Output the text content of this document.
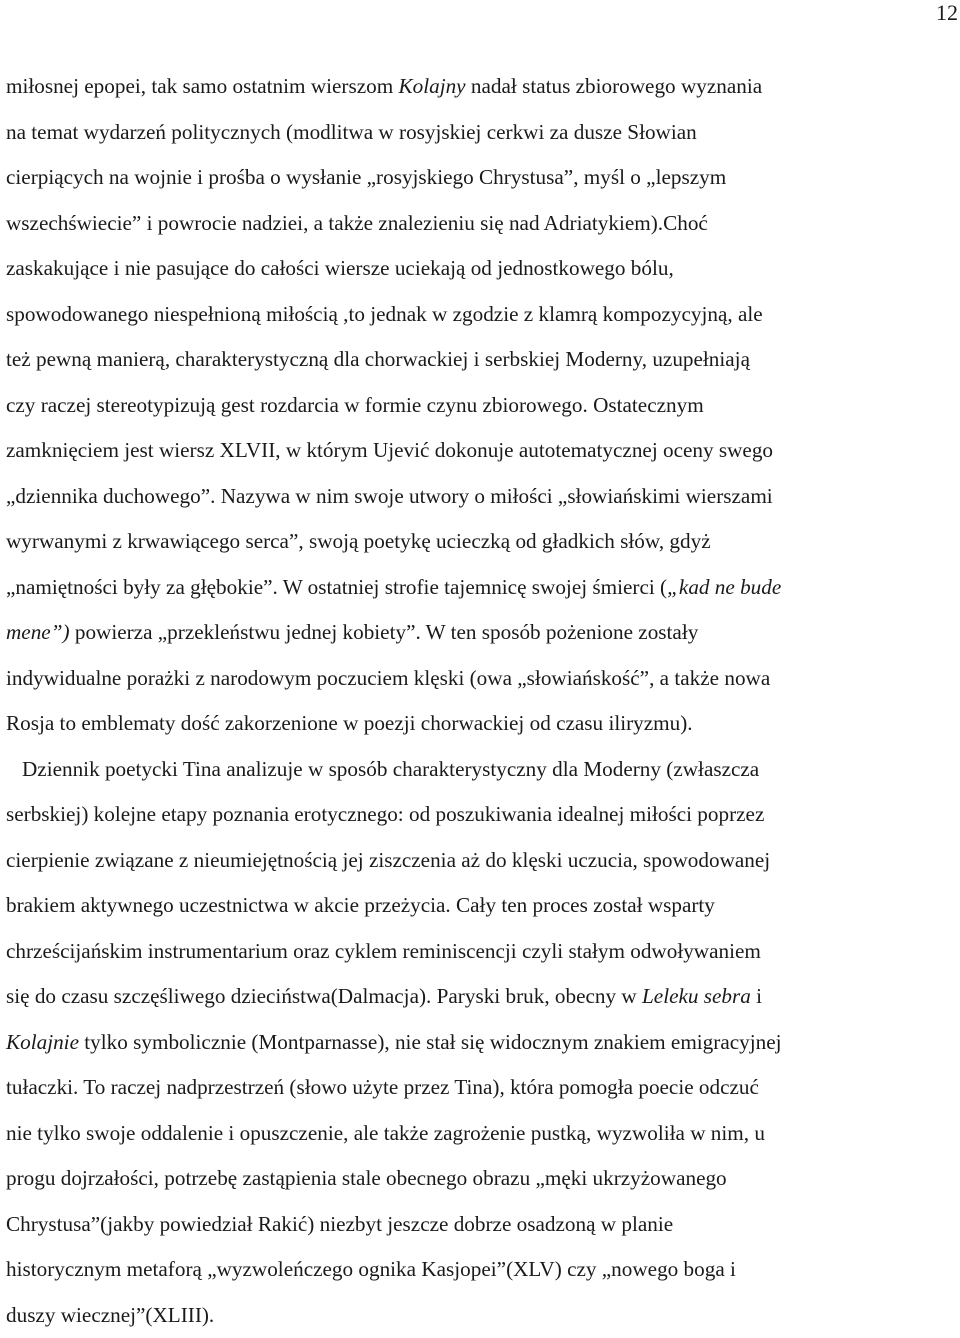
12
miłosnej epopei, tak samo ostatnim wierszom Kolajny nadał status zbiorowego wyznania
na temat wydarzeń politycznych (modlitwa w rosyjskiej cerkwi za dusze Słowian
cierpiących na wojnie i prośba o wysłanie „rosyjskiego Chrystusa”, myśl o „lepszym
wszechświecie” i powrocie nadziei, a także znalezieniu się nad Adriatykiem).Choć
zaskakujące i nie pasujące do całości wiersze uciekają od jednostkowego bólu,
spowodowanego niespełnioną miłością ,to jednak w zgodzie z klamrą kompozycyjną, ale
też pewną manierą, charakterystyczną dla chorwackiej i serbskiej Moderny, uzupełniają
czy raczej stereotypizują gest rozdarcia w formie czynu zbiorowego. Ostatecznym
zamknięciem jest wiersz XLVII, w którym Ujević dokonuje autotematycznej oceny swego
„dziennika duchowego”. Nazywa w nim swoje utwory o miłości „słowiańskimi wierszami
wyrwanymi z krwawiącego serca”, swoją poetykę ucieczką od gładkich słów, gdyż
„namiętności były za głębokie”. W ostatniej strofie tajemnicę swojej śmierci („kad ne bude
mene”) powierza „przekleństwu jednej kobiety”. W ten sposób pożenione zostały
indywidualne porażki z narodowym poczuciem klęski (owa „słowiańskość”, a także nowa
Rosja to emblematy dość zakorzenione w poezji chorwackiej od czasu iliryzmu).
Dziennik poetycki Tina analizuje w sposób charakterystyczny dla Moderny (zwłaszcza
serbskiej) kolejne etapy poznania erotycznego: od poszukiwania idealnej miłości poprzez
cierpienie związane z nieumiejętnością jej ziszczenia aż do klęski uczucia, spowodowanej
brakiem aktywnego uczestnictwa w akcie przeżycia. Cały ten proces został wsparty
chrześcijańskim instrumentarium oraz cyklem reminiscencji czyli stałym odwoływaniem
się do czasu szczęśliwego dzieciństwa(Dalmacja). Paryski bruk, obecny w Leleku sebra i
Kolajnie tylko symbolicznie (Montparnasse), nie stał się widocznym znakiem emigracyjnej
tułaczki. To raczej nadprzestrzeń (słowo użyte przez Tina), która pomogła poecie odczuć
nie tylko swoje oddalenie i opuszczenie, ale także zagrożenie pustką, wyzwoliła w nim, u
progu dojrzałości, potrzebę zastąpienia stale obecnego obrazu „męki ukrzyżowanego
Chrystusa”(jakby powiedział Rakić) niezbyt jeszcze dobrze osadzoną w planie
historycznym metaforą „wyzwoleńczego ognika Kasjopei”(XLV) czy „nowego boga i
duszy wiecznej”(XLIII).
